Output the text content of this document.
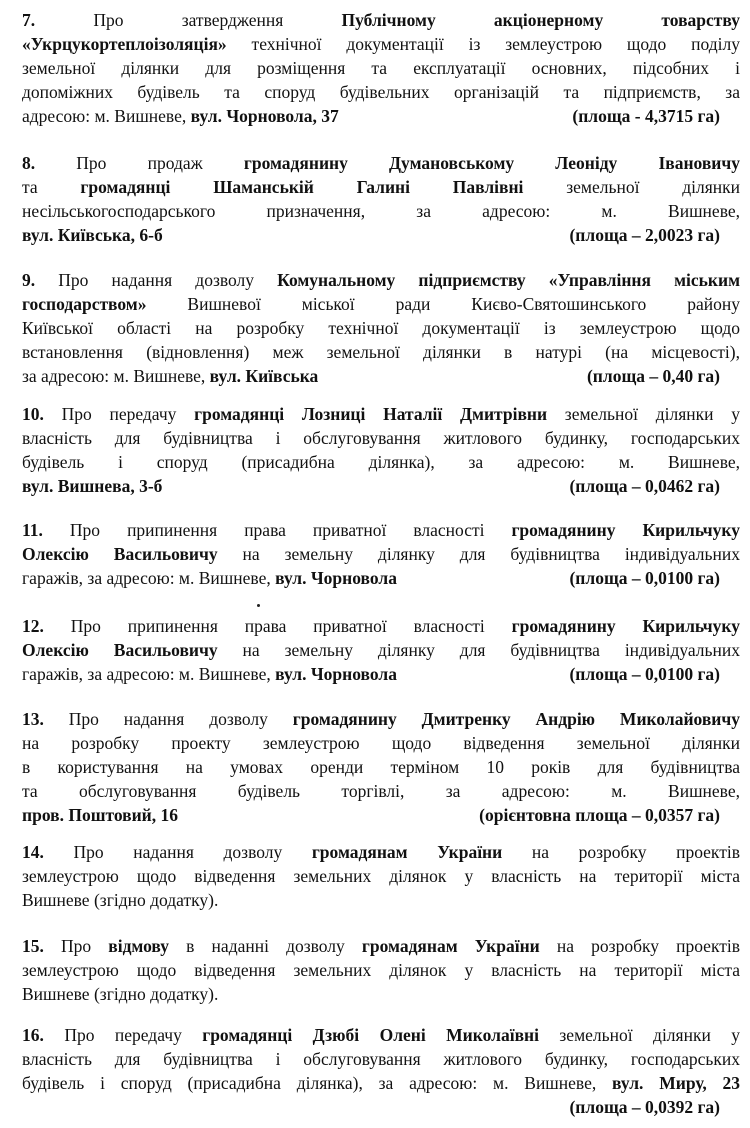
7. Про затвердження Публічному акціонерному товарству
«Укрцукортеплоізоляція» технічної документації із землеустрою щодо поділу
земельної ділянки для розміщення та експлуатації основних, підсобних і
допоміжних будівель та споруд будівельних організацій та підприємств, за
адресою: м. Вишневе, вул. Чорновола, 37	(площа - 4,3715 га)
8. Про продаж громадянину Думановському Леоніду Івановичу
та громадянці Шаманській Галині Павлівні земельної ділянки
несільськогосподарського призначення, за адресою: м. Вишневе,
вул. Київська, 6-б	(площа – 2,0023 га)
9. Про надання дозволу Комунальному підприємству «Управління міським
господарством» Вишневої міської ради Києво-Святошинського району
Київської області на розробку технічної документації із землеустрою щодо
встановлення (відновлення) меж земельної ділянки в натурі (на місцевості),
за адресою: м. Вишневе, вул. Київська	(площа – 0,40 га)
10. Про передачу громадянці Лозниці Наталії Дмитрівни земельної ділянки у
власність для будівництва і обслуговування житлового будинку, господарських
будівель і споруд (присадибна ділянка), за адресою: м. Вишневе,
вул. Вишнева, 3-б	(площа – 0,0462 га)
11. Про припинення права приватної власності громадянину Кирильчуку
Олексію Васильовичу на земельну ділянку для будівництва індивідуальних
гаражів, за адресою: м. Вишневе, вул. Чорновола	(площа – 0,0100 га)
12. Про припинення права приватної власності громадянину Кирильчуку
Олексію Васильовичу на земельну ділянку для будівництва індивідуальних
гаражів, за адресою: м. Вишневе, вул. Чорновола	(площа – 0,0100 га)
13. Про надання дозволу громадянину Дмитренку Андрію Миколайовичу
на розробку проекту землеустрою щодо відведення земельної ділянки
в користування на умовах оренди терміном 10 років для будівництва
та обслуговування будівель торгівлі, за адресою: м. Вишневе,
пров. Поштовий, 16	(орієнтовна площа – 0,0357 га)
14. Про надання дозволу громадянам України на розробку проектів
землеустрою щодо відведення земельних ділянок у власність на території міста
Вишневе (згідно додатку).
15. Про відмову в наданні дозволу громадянам України на розробку проектів
землеустрою щодо відведення земельних ділянок у власність на території міста
Вишневе (згідно додатку).
16. Про передачу громадянці Дзюбі Олені Миколаївні земельної ділянки у
власність для будівництва і обслуговування житлового будинку, господарських
будівель і споруд (присадибна ділянка), за адресою: м. Вишневе, вул. Миру, 23
(площа – 0,0392 га)
